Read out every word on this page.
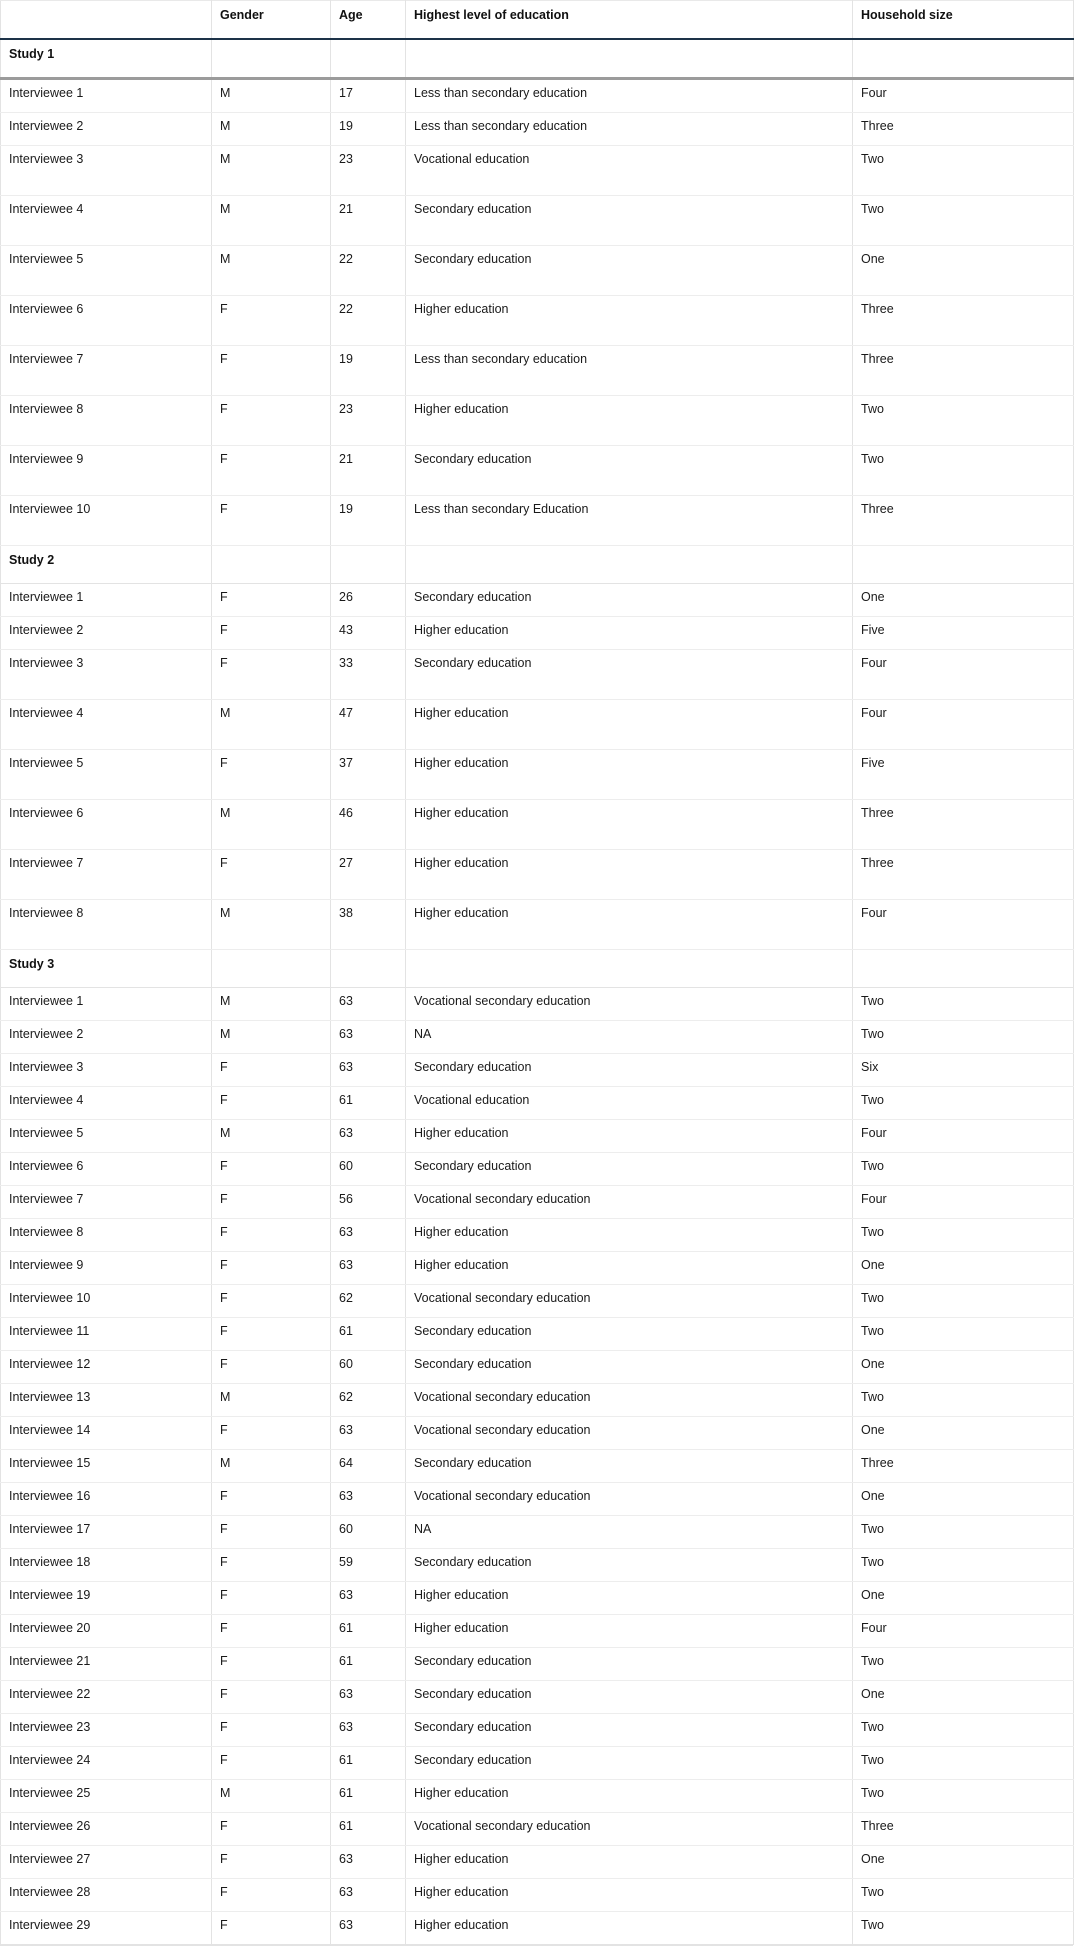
	Gender	Age	Highest level of education	Household size
Study 1				
Interviewee 1	M	17	Less than secondary education	Four
Interviewee 2	M	19	Less than secondary education	Three
Interviewee 3	M	23	Vocational education	Two
Interviewee 4	M	21	Secondary education	Two
Interviewee 5	M	22	Secondary education	One
Interviewee 6	F	22	Higher education	Three
Interviewee 7	F	19	Less than secondary education	Three
Interviewee 8	F	23	Higher education	Two
Interviewee 9	F	21	Secondary education	Two
Interviewee 10	F	19	Less than secondary Education	Three
Study 2				
Interviewee 1	F	26	Secondary education	One
Interviewee 2	F	43	Higher education	Five
Interviewee 3	F	33	Secondary education	Four
Interviewee 4	M	47	Higher education	Four
Interviewee 5	F	37	Higher education	Five
Interviewee 6	M	46	Higher education	Three
Interviewee 7	F	27	Higher education	Three
Interviewee 8	M	38	Higher education	Four
Study 3				
Interviewee 1	M	63	Vocational secondary education	Two
Interviewee 2	M	63	NA	Two
Interviewee 3	F	63	Secondary education	Six
Interviewee 4	F	61	Vocational education	Two
Interviewee 5	M	63	Higher education	Four
Interviewee 6	F	60	Secondary education	Two
Interviewee 7	F	56	Vocational secondary education	Four
Interviewee 8	F	63	Higher education	Two
Interviewee 9	F	63	Higher education	One
Interviewee 10	F	62	Vocational secondary education	Two
Interviewee 11	F	61	Secondary education	Two
Interviewee 12	F	60	Secondary education	One
Interviewee 13	M	62	Vocational secondary education	Two
Interviewee 14	F	63	Vocational secondary education	One
Interviewee 15	M	64	Secondary education	Three
Interviewee 16	F	63	Vocational secondary education	One
Interviewee 17	F	60	NA	Two
Interviewee 18	F	59	Secondary education	Two
Interviewee 19	F	63	Higher education	One
Interviewee 20	F	61	Higher education	Four
Interviewee 21	F	61	Secondary education	Two
Interviewee 22	F	63	Secondary education	One
Interviewee 23	F	63	Secondary education	Two
Interviewee 24	F	61	Secondary education	Two
Interviewee 25	M	61	Higher education	Two
Interviewee 26	F	61	Vocational secondary education	Three
Interviewee 27	F	63	Higher education	One
Interviewee 28	F	63	Higher education	Two
Interviewee 29	F	63	Higher education	Two
